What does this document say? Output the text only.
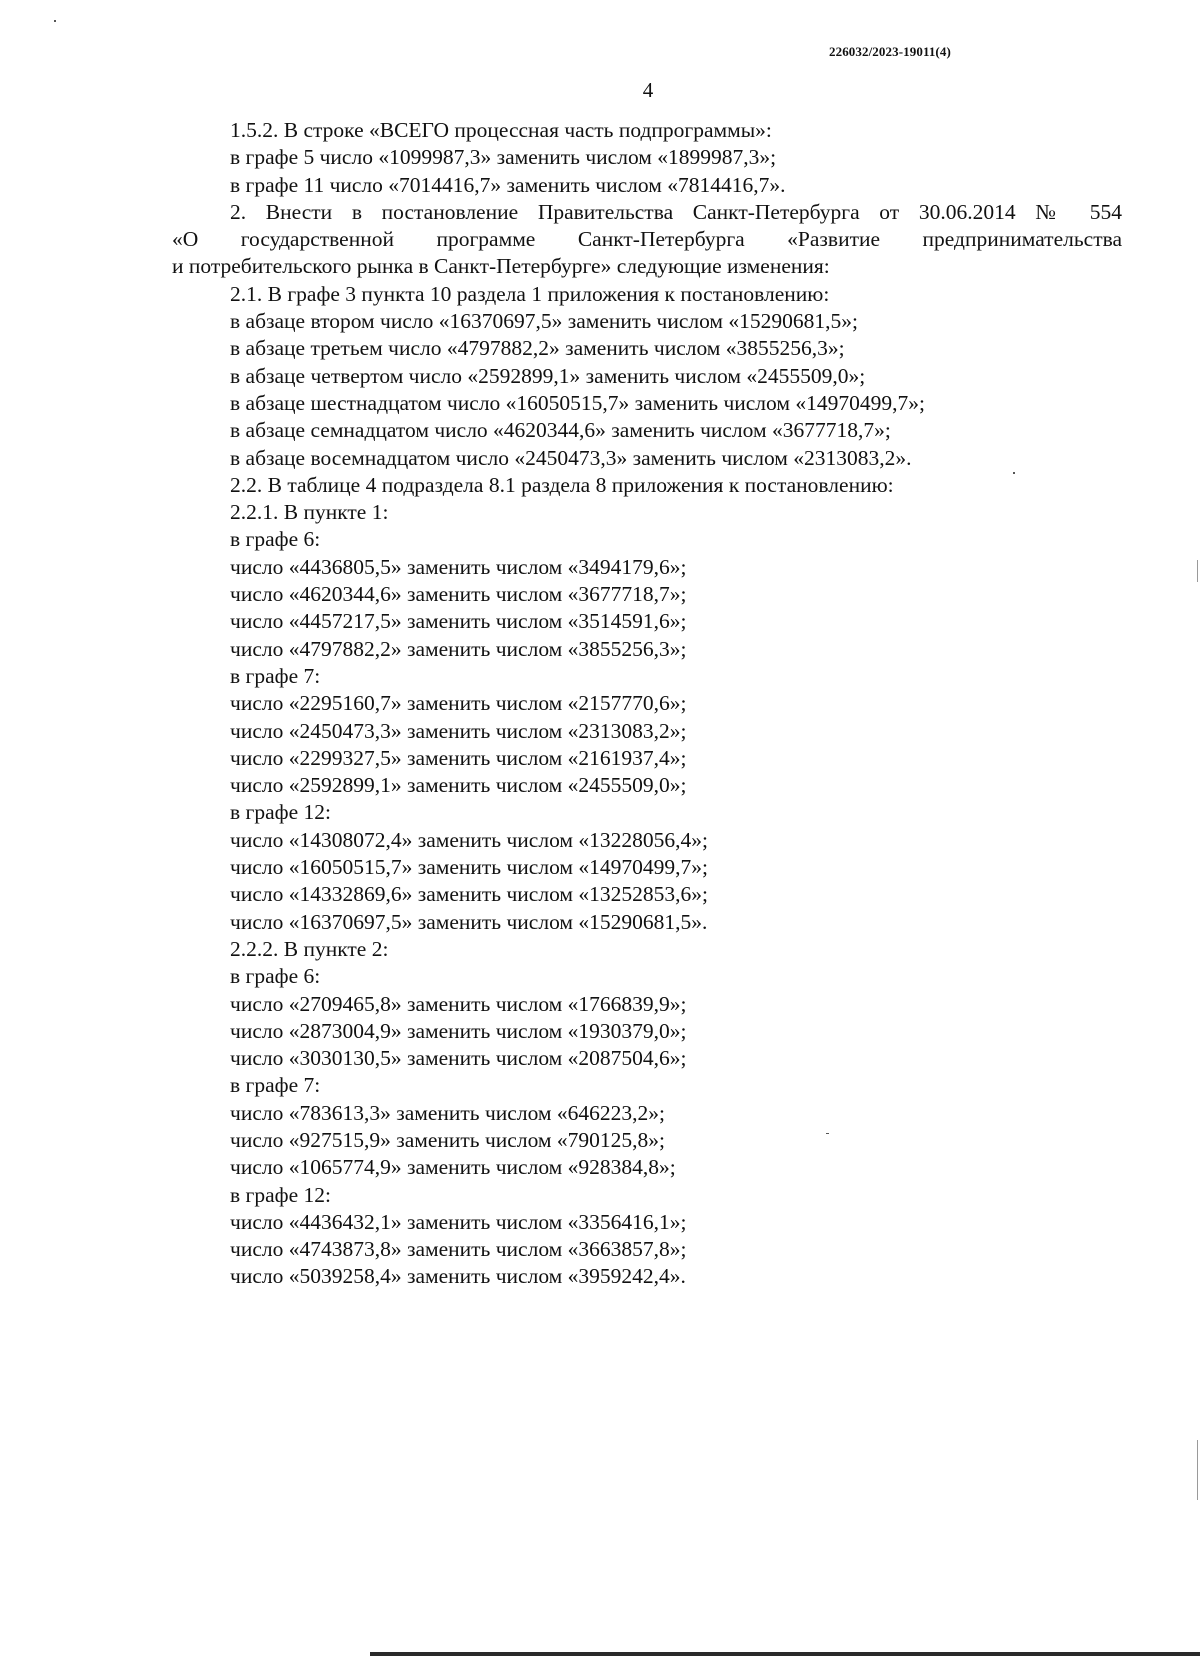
226032/2023-19011(4)
4

1.5.2. В строке «ВСЕГО процессная часть подпрограммы»:

в графе 5 число «1099987,3» заменить числом «1899987,3»;

в графе 11 число «7014416,7» заменить числом «7814416,7».

2. Внести в постановление Правительства Санкт-Петербурга от 30.06.2014 № 554

«О государственной программе Санкт-Петербурга «Развитие предпринимательства

и потребительского рынка в Санкт-Петербурге» следующие изменения:

2.1. В графе 3 пункта 10 раздела 1 приложения к постановлению:

в абзаце втором число «16370697,5» заменить числом «15290681,5»;

в абзаце третьем число «4797882,2» заменить числом «3855256,3»;

в абзаце четвертом число «2592899,1» заменить числом «2455509,0»;

в абзаце шестнадцатом число «16050515,7» заменить числом «14970499,7»;

в абзаце семнадцатом число «4620344,6» заменить числом «3677718,7»;

в абзаце восемнадцатом число «2450473,3» заменить числом «2313083,2».

2.2. В таблице 4 подраздела 8.1 раздела 8 приложения к постановлению:

2.2.1. В пункте 1:

в графе 6:

число «4436805,5» заменить числом «3494179,6»;

число «4620344,6» заменить числом «3677718,7»;

число «4457217,5» заменить числом «3514591,6»;

число «4797882,2» заменить числом «3855256,3»;

в графе 7:

число «2295160,7» заменить числом «2157770,6»;

число «2450473,3» заменить числом «2313083,2»;

число «2299327,5» заменить числом «2161937,4»;

число «2592899,1» заменить числом «2455509,0»;

в графе 12:

число «14308072,4» заменить числом «13228056,4»;

число «16050515,7» заменить числом «14970499,7»;

число «14332869,6» заменить числом «13252853,6»;

число «16370697,5» заменить числом «15290681,5».

2.2.2. В пункте 2:

в графе 6:

число «2709465,8» заменить числом «1766839,9»;

число «2873004,9» заменить числом «1930379,0»;

число «3030130,5» заменить числом «2087504,6»;

в графе 7:

число «783613,3» заменить числом «646223,2»;

число «927515,9» заменить числом «790125,8»;

число «1065774,9» заменить числом «928384,8»;

в графе 12:

число «4436432,1» заменить числом «3356416,1»;

число «4743873,8» заменить числом «3663857,8»;

число «5039258,4» заменить числом «3959242,4».
